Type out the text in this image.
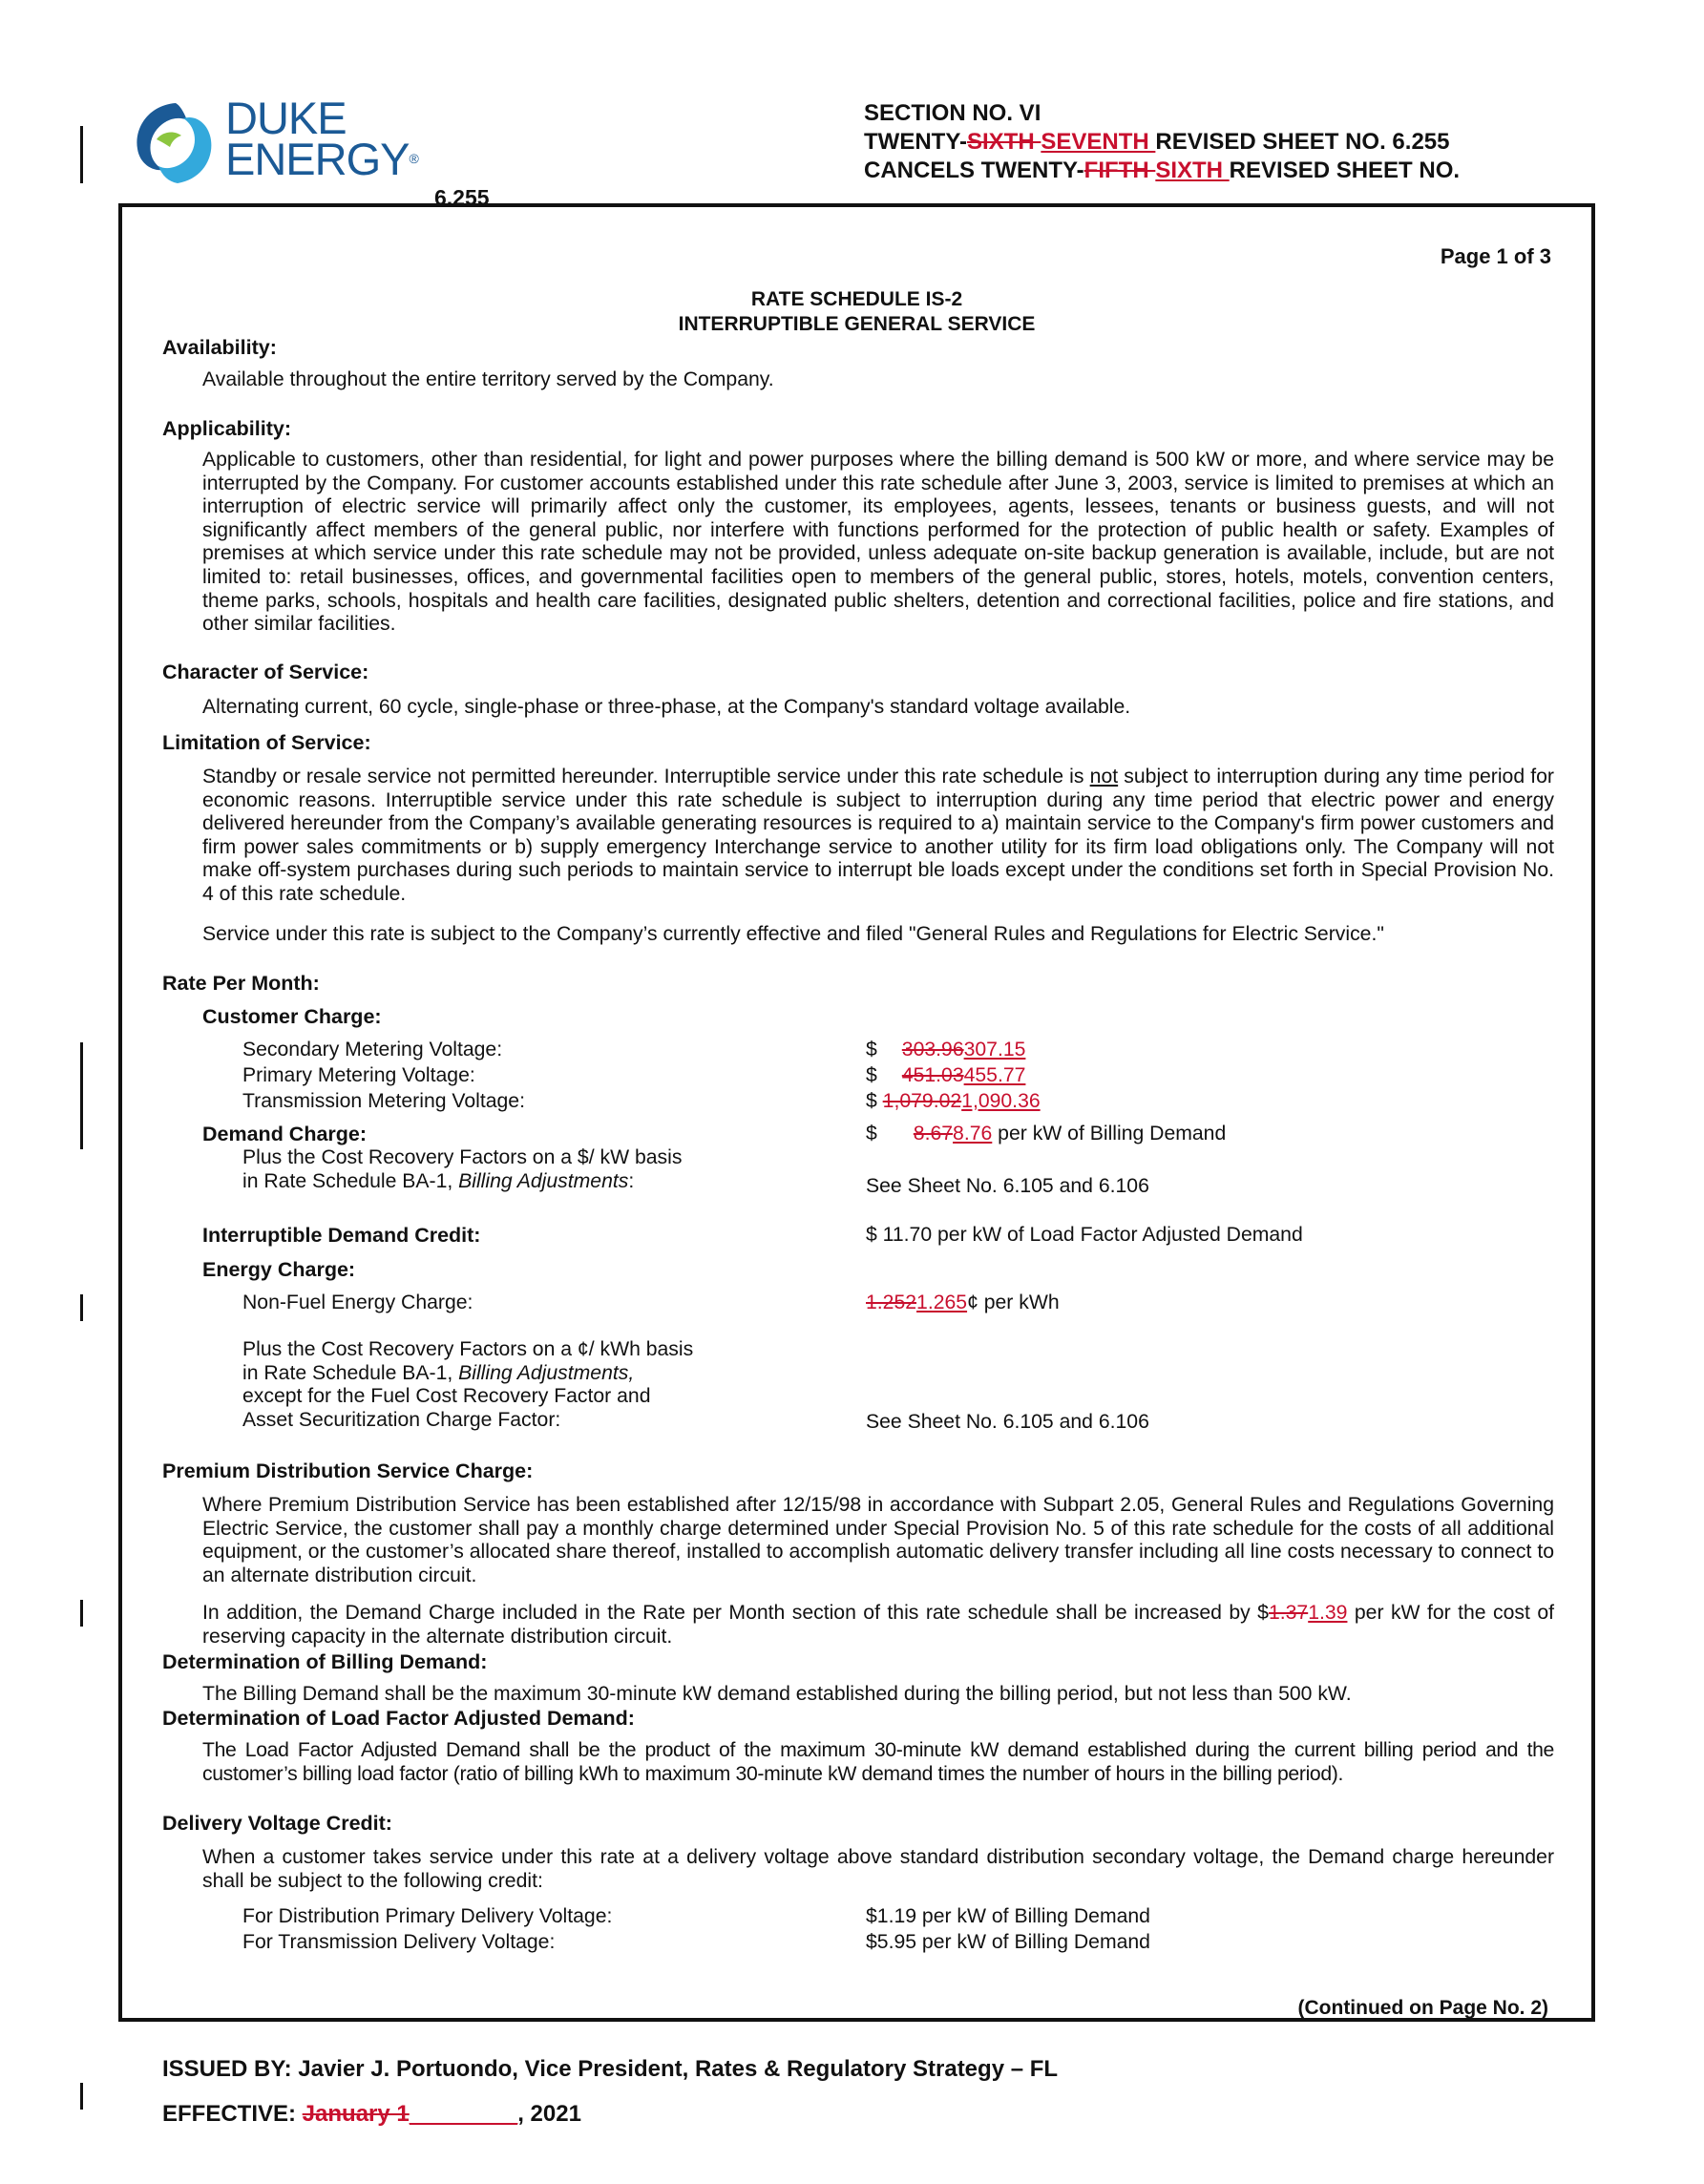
DUKE
ENERGY®
SECTION NO. VI
TWENTY-SIXTH SEVENTH REVISED SHEET NO. 6.255
CANCELS TWENTY-FIFTH SIXTH REVISED SHEET NO.
6.255
Page 1 of 3
RATE SCHEDULE IS-2
INTERRUPTIBLE GENERAL SERVICE
Availability:
Available throughout the entire territory served by the Company.
Applicability:
Applicable to customers, other than residential, for light and power purposes where the billing demand is 500 kW or more, and where service may be interrupted by the Company. For customer accounts established under this rate schedule after June 3, 2003, service is limited to premises at which an interruption of electric service will primarily affect only the customer, its employees, agents, lessees, tenants or business guests, and will not significantly affect members of the general public, nor interfere with functions performed for the protection of public health or safety. Examples of premises at which service under this rate schedule may not be provided, unless adequate on-site backup generation is available, include, but are not limited to: retail businesses, offices, and governmental facilities open to members of the general public, stores, hotels, motels, convention centers, theme parks, schools, hospitals and health care facilities, designated public shelters, detention and correctional facilities, police and fire stations, and other similar facilities.
Character of Service:
Alternating current, 60 cycle, single-phase or three-phase, at the Company's standard voltage available.
Limitation of Service:
Standby or resale service not permitted hereunder. Interruptible service under this rate schedule is not subject to interruption during any time period for economic reasons. Interruptible service under this rate schedule is subject to interruption during any time period that electric power and energy delivered hereunder from the Company’s available generating resources is required to a) maintain service to the Company's firm power customers and firm power sales commitments or b) supply emergency Interchange service to another utility for its firm load obligations only. The Company will not make off-system purchases during such periods to maintain service to interrupt ble loads except under the conditions set forth in Special Provision No. 4 of this rate schedule.
Service under this rate is subject to the Company’s currently effective and filed "General Rules and Regulations for Electric Service."
Rate Per Month:
Customer Charge:
Secondary Metering Voltage:	$ 303.96307.15
Primary Metering Voltage:	$ 451.03455.77
Transmission Metering Voltage:	$ 1,079.021,090.36
Demand Charge:	$ 8.678.76 per kW of Billing Demand
Plus the Cost Recovery Factors on a $/ kW basis
in Rate Schedule BA-1, Billing Adjustments:	See Sheet No. 6.105 and 6.106
Interruptible Demand Credit:	$ 11.70 per kW of Load Factor Adjusted Demand
Energy Charge:
Non-Fuel Energy Charge:	1.2521.265¢ per kWh
Plus the Cost Recovery Factors on a ¢/ kWh basis
in Rate Schedule BA-1, Billing Adjustments,
except for the Fuel Cost Recovery Factor and
Asset Securitization Charge Factor:	See Sheet No. 6.105 and 6.106
Premium Distribution Service Charge:
Where Premium Distribution Service has been established after 12/15/98 in accordance with Subpart 2.05, General Rules and Regulations Governing Electric Service, the customer shall pay a monthly charge determined under Special Provision No. 5 of this rate schedule for the costs of all additional equipment, or the customer’s allocated share thereof, installed to accomplish automatic delivery transfer including all line costs necessary to connect to an alternate distribution circuit.
In addition, the Demand Charge included in the Rate per Month section of this rate schedule shall be increased by $1.371.39 per kW for the cost of reserving capacity in the alternate distribution circuit.
Determination of Billing Demand:
The Billing Demand shall be the maximum 30-minute kW demand established during the billing period, but not less than 500 kW.
Determination of Load Factor Adjusted Demand:
The Load Factor Adjusted Demand shall be the product of the maximum 30-minute kW demand established during the current billing period and the customer’s billing load factor (ratio of billing kWh to maximum 30-minute kW demand times the number of hours in the billing period).
Delivery Voltage Credit:
When a customer takes service under this rate at a delivery voltage above standard distribution secondary voltage, the Demand charge hereunder shall be subject to the following credit:
For Distribution Primary Delivery Voltage:	$1.19 per kW of Billing Demand
For Transmission Delivery Voltage:	$5.95 per kW of Billing Demand
(Continued on Page No. 2)
ISSUED BY: Javier J. Portuondo, Vice President, Rates & Regulatory Strategy – FL
EFFECTIVE: January 1______ __, 2021
